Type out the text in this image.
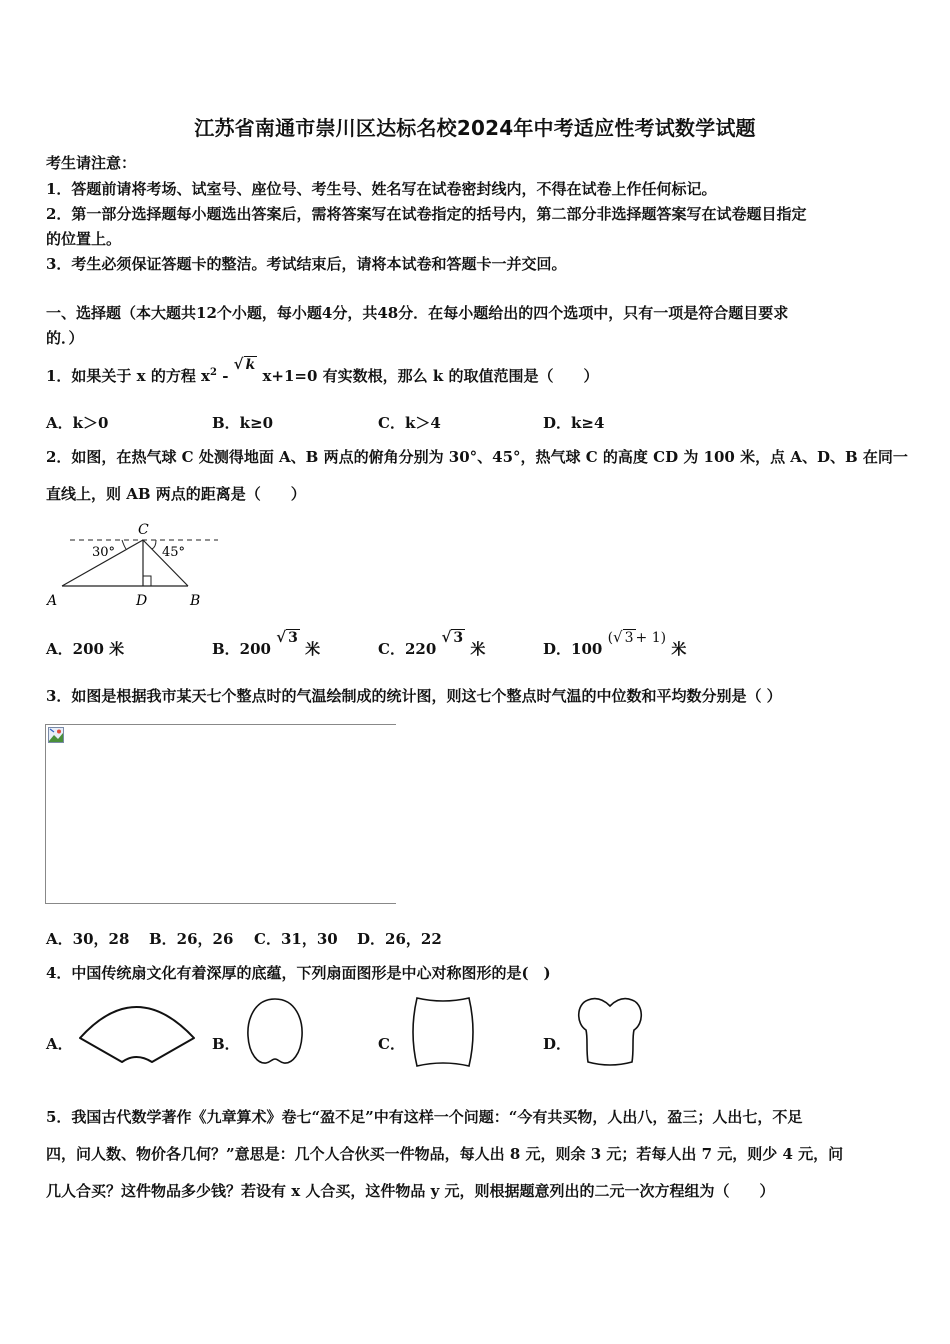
江苏省南通市崇川区达标名校2024年中考适应性考试数学试题
考生请注意：
1．答题前请将考场、试室号、座位号、考生号、姓名写在试卷密封线内，不得在试卷上作任何标记。
2．第一部分选择题每小题选出答案后，需将答案写在试卷指定的括号内，第二部分非选择题答案写在试卷题目指定
的位置上。
3．考生必须保证答题卡的整洁。考试结束后，请将本试卷和答题卡一并交回。
一、选择题（本大题共12个小题，每小题4分，共48分．在每小题给出的四个选项中，只有一项是符合题目要求
的．）
1．如果关于 x 的方程 $x^2$ - √ k x+1=0 有实数根，那么 k 的取值范围是（　　）
A．k＞0	B．k≥0	C．k＞4	D．k≥4
2．如图，在热气球 C 处测得地面 A、B 两点的俯角分别为 30°、45°，热气球 C 的高度 CD 为 100 米，点 A、D、B 在同一
直线上，则 AB 两点的距离是（　　）
C
30°	45°
A	D	B
A．200 米	B．200 √ 3 米	C．220 √ 3 米	D．100 (√ 3 + 1) 米
3．如图是根据我市某天七个整点时的气温绘制成的统计图，则这七个整点时气温的中位数和平均数分别是（ ）
A．30，28 B．26，26 C．31，30 D．26，22
4．中国传统扇文化有着深厚的底蕴，下列扇面图形是中心对称图形的是(　)
A．	B．	C．	D．
5．我国古代数学著作《九章算术》卷七“盈不足”中有这样一个问题：“今有共买物，人出八，盈三；人出七，不足
四，问人数、物价各几何？”意思是：几个人合伙买一件物品，每人出 8 元，则余 3 元；若每人出 7 元，则少 4 元，问
几人合买？这件物品多少钱？若设有 x 人合买，这件物品 y 元，则根据题意列出的二元一次方程组为（　　）
